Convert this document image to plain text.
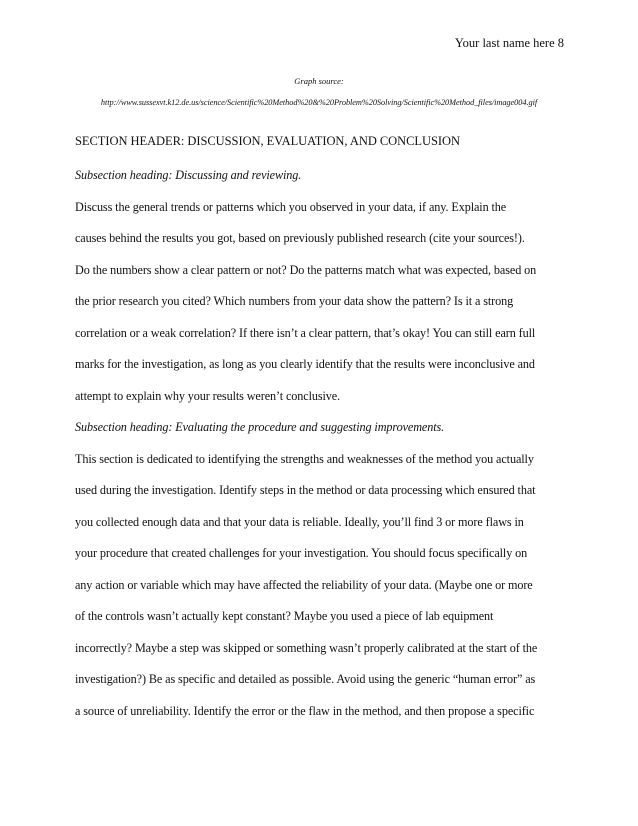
Your last name here 8
Graph source:
http://www.sussexvt.k12.de.us/science/Scientific%20Method%20&%20Problem%20Solving/Scientific%20Method_files/image004.gif
SECTION HEADER: DISCUSSION, EVALUATION, AND CONCLUSION
Subsection heading: Discussing and reviewing.
Discuss the general trends or patterns which you observed in your data, if any. Explain the
causes behind the results you got, based on previously published research (cite your sources!).
Do the numbers show a clear pattern or not? Do the patterns match what was expected, based on
the prior research you cited? Which numbers from your data show the pattern? Is it a strong
correlation or a weak correlation? If there isn’t a clear pattern, that’s okay! You can still earn full
marks for the investigation, as long as you clearly identify that the results were inconclusive and
attempt to explain why your results weren’t conclusive.
Subsection heading: Evaluating the procedure and suggesting improvements.
This section is dedicated to identifying the strengths and weaknesses of the method you actually
used during the investigation. Identify steps in the method or data processing which ensured that
you collected enough data and that your data is reliable. Ideally, you’ll find 3 or more flaws in
your procedure that created challenges for your investigation. You should focus specifically on
any action or variable which may have affected the reliability of your data. (Maybe one or more
of the controls wasn’t actually kept constant? Maybe you used a piece of lab equipment
incorrectly? Maybe a step was skipped or something wasn’t properly calibrated at the start of the
investigation?) Be as specific and detailed as possible. Avoid using the generic “human error” as
a source of unreliability. Identify the error or the flaw in the method, and then propose a specific
